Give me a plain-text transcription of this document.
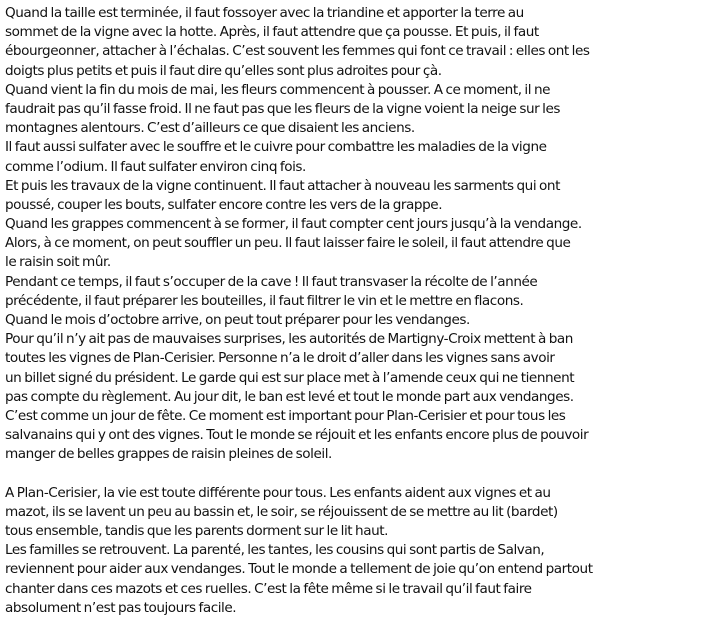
Quand la taille est terminée, il faut fossoyer avec la triandine et apporter la terre au
sommet de la vigne avec la hotte. Après, il faut attendre que ça pousse. Et puis, il faut
ébourgeonner, attacher à l’échalas. C’est souvent les femmes qui font ce travail : elles ont les
doigts plus petits et puis il faut dire qu’elles sont plus adroites pour çà.
Quand vient la fin du mois de mai, les fleurs commencent à pousser. A ce moment, il ne
faudrait pas qu’il fasse froid. Il ne faut pas que les fleurs de la vigne voient la neige sur les
montagnes alentours. C’est d’ailleurs ce que disaient les anciens.
Il faut aussi sulfater avec le souffre et le cuivre pour combattre les maladies de la vigne
comme l’odium. Il faut sulfater environ cinq fois.
Et puis les travaux de la vigne continuent. Il faut attacher à nouveau les sarments qui ont
poussé, couper les bouts, sulfater encore contre les vers de la grappe.
Quand les grappes commencent à se former, il faut compter cent jours jusqu’à la vendange.
Alors, à ce moment, on peut souffler un peu. Il faut laisser faire le soleil, il faut attendre que
le raisin soit mûr.
Pendant ce temps, il faut s’occuper de la cave ! Il faut transvaser la récolte de l’année
précédente, il faut préparer les bouteilles, il faut filtrer le vin et le mettre en flacons.
Quand le mois d’octobre arrive, on peut tout préparer pour les vendanges.
Pour qu’il n’y ait pas de mauvaises surprises, les autorités de Martigny-Croix mettent à ban
toutes les vignes de Plan-Cerisier. Personne n’a le droit d’aller dans les vignes sans avoir
un billet signé du président. Le garde qui est sur place met à l’amende ceux qui ne tiennent
pas compte du règlement. Au jour dit, le ban est levé et tout le monde part aux vendanges.
C’est comme un jour de fête. Ce moment est important pour Plan-Cerisier et pour tous les
salvanains qui y ont des vignes. Tout le monde se réjouit et les enfants encore plus de pouvoir
manger de belles grappes de raisin pleines de soleil.
A Plan-Cerisier, la vie est toute différente pour tous. Les enfants aident aux vignes et au
mazot, ils se lavent un peu au bassin et, le soir, se réjouissent de se mettre au lit (bardet)
tous ensemble, tandis que les parents dorment sur le lit haut.
Les familles se retrouvent. La parenté, les tantes, les cousins qui sont partis de Salvan,
reviennent pour aider aux vendanges. Tout le monde a tellement de joie qu’on entend partout
chanter dans ces mazots et ces ruelles. C’est la fête même si le travail qu’il faut faire
absolument n’est pas toujours facile.
